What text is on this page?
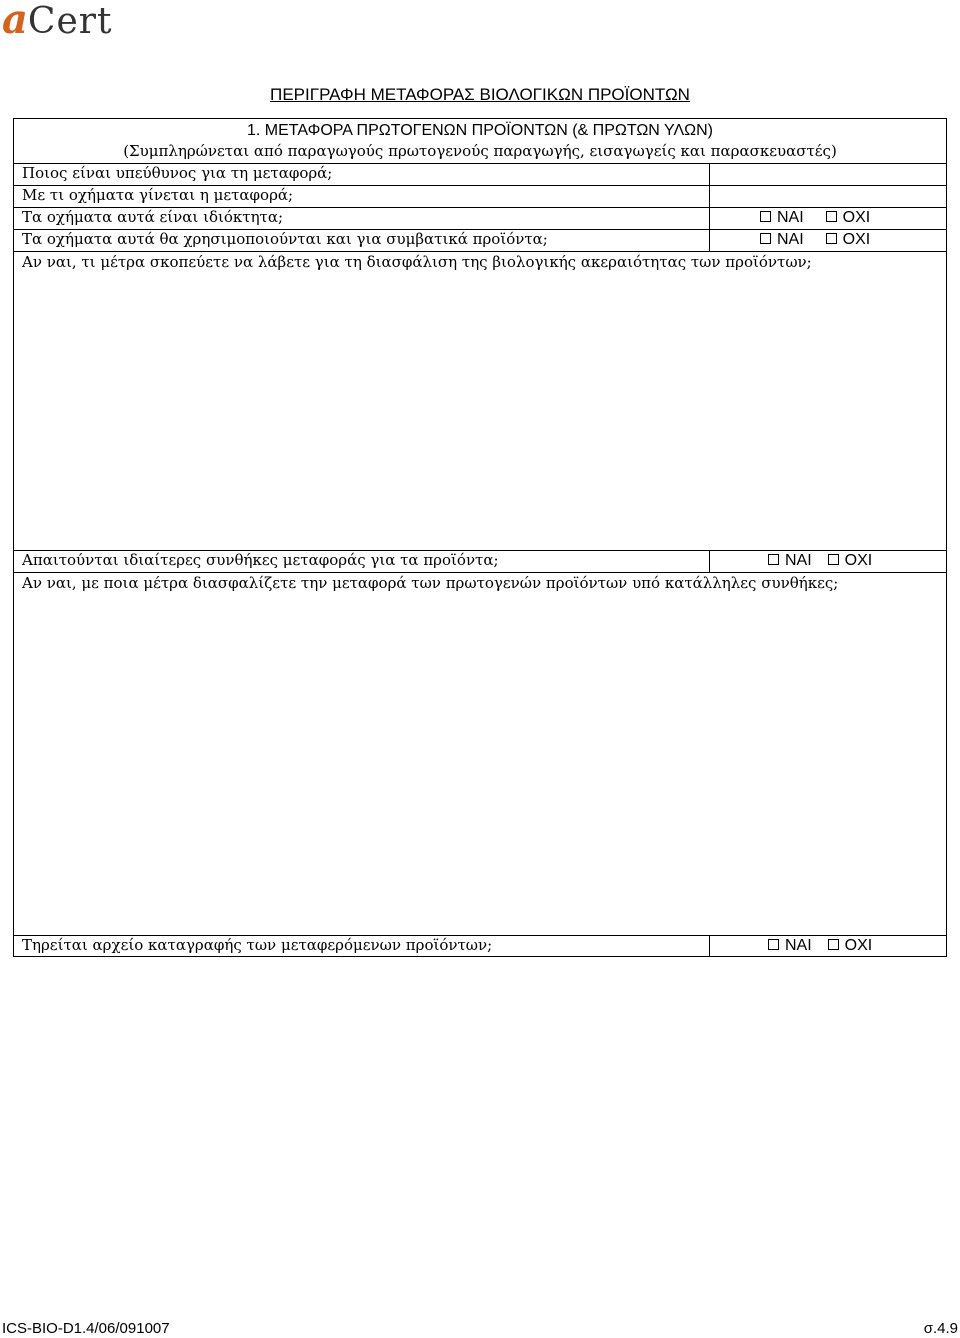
aCert
ΠΕΡΙΓΡΑΦΗ ΜΕΤΑΦΟΡΑΣ ΒΙΟΛΟΓΙΚΩΝ ΠΡΟΪΟΝΤΩΝ
1. ΜΕΤΑΦΟΡΑ ΠΡΩΤΟΓΕΝΩΝ ΠΡΟΪΟΝΤΩΝ (& ΠΡΩΤΩΝ ΥΛΩΝ)
(Συμπληρώνεται από παραγωγούς πρωτογενούς παραγωγής, εισαγωγείς και παρασκευαστές)
Ποιος είναι υπεύθυνος για τη μεταφορά;
Με τι οχήματα γίνεται η μεταφορά;
Τα οχήματα αυτά είναι ιδιόκτητα;	ΝΑΙ ΟΧΙ
Τα οχήματα αυτά θα χρησιμοποιούνται και για συμβατικά προϊόντα;	ΝΑΙ ΟΧΙ
Αν ναι, τι μέτρα σκοπεύετε να λάβετε για τη διασφάλιση της βιολογικής ακεραιότητας των προϊόντων;
Απαιτούνται ιδιαίτερες συνθήκες μεταφοράς για τα προϊόντα;	ΝΑΙ ΟΧΙ
Αν ναι, με ποια μέτρα διασφαλίζετε την μεταφορά των πρωτογενών προϊόντων υπό κατάλληλες συνθήκες;
Τηρείται αρχείο καταγραφής των μεταφερόμενων προϊόντων;	ΝΑΙ ΟΧΙ
ICS-BIO-D1.4/06/091007	σ.4.9
